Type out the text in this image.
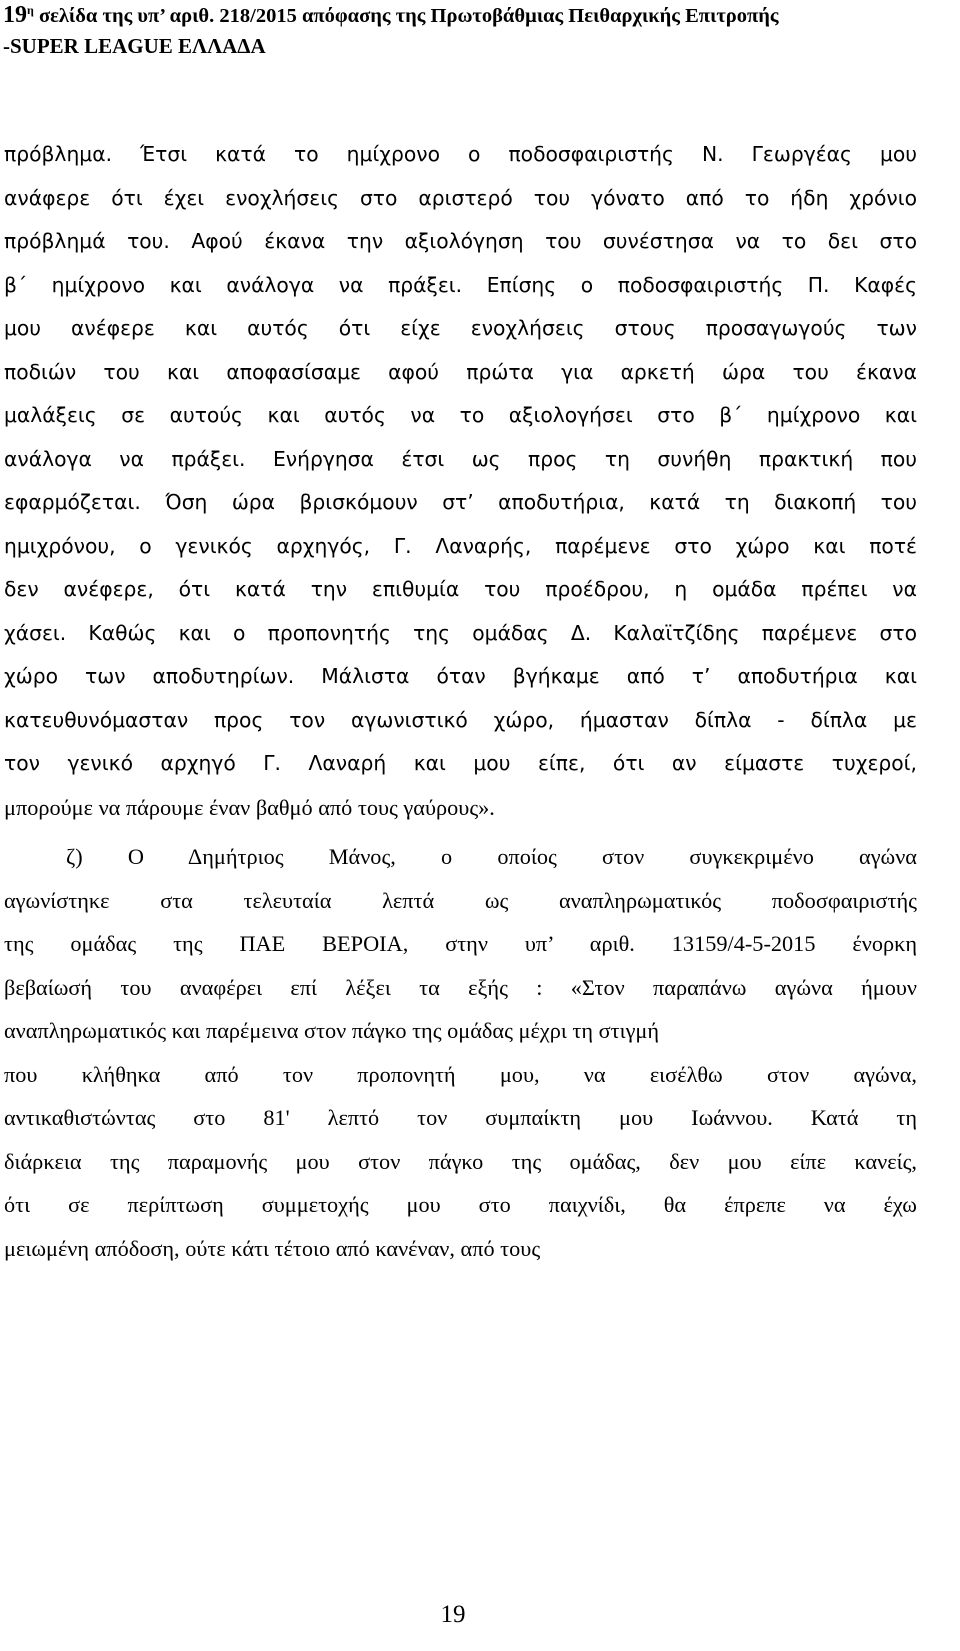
$19^\eta$ σελίδα της υπ’ αριθ. 218/2015 απόφασης της Πρωτοβάθμιας Πειθαρχικής Επιτροπής
-SUPER LEAGUE ΕΛΛΑΔΑ
πρόβλημα. Έτσι κατά το ημίχρονο ο ποδοσφαιριστής Ν. Γεωργέας μου
ανάφερε ότι έχει ενοχλήσεις στο αριστερό του γόνατο από το ήδη χρόνιο
πρόβλημά του. Αφού έκανα την αξιολόγηση του συνέστησα να το δει στο
β΄ ημίχρονο και ανάλογα να πράξει. Επίσης ο ποδοσφαιριστής Π. Καφές
μου ανέφερε και αυτός ότι είχε ενοχλήσεις στους προσαγωγούς των
ποδιών του και αποφασίσαμε αφού πρώτα για αρκετή ώρα του έκανα
μαλάξεις σε αυτούς και αυτός να το αξιολογήσει στο β΄ ημίχρονο και
ανάλογα να πράξει. Ενήργησα έτσι ως προς τη συνήθη πρακτική που
εφαρμόζεται. Όση ώρα βρισκόμουν στ’ αποδυτήρια, κατά τη διακοπή του
ημιχρόνου, ο γενικός αρχηγός, Γ. Λαναρής, παρέμενε στο χώρο και ποτέ
δεν ανέφερε, ότι κατά την επιθυμία του προέδρου, η ομάδα πρέπει να
χάσει. Καθώς και ο προπονητής της ομάδας Δ. Καλαϊτζίδης παρέμενε στο
χώρο των αποδυτηρίων. Μάλιστα όταν βγήκαμε από τ’ αποδυτήρια και
κατευθυνόμασταν προς τον αγωνιστικό χώρο, ήμασταν δίπλα - δίπλα με
τον γενικό αρχηγό Γ. Λαναρή και μου είπε, ότι αν είμαστε τυχεροί,
μπορούμε να πάρουμε έναν βαθμό από τους γαύρους».
ζ) Ο Δημήτριος Μάνος, ο οποίος στον συγκεκριμένο αγώνα
αγωνίστηκε στα τελευταία λεπτά ως αναπληρωματικός ποδοσφαιριστής
της ομάδας της ΠΑΕ ΒΕΡΟΙΑ, στην υπ’ αριθ. 13159/4-5-2015 ένορκη
βεβαίωσή του αναφέρει επί λέξει τα εξής : «Στον παραπάνω αγώνα ήμουν
αναπληρωματικός και παρέμεινα στον πάγκο της ομάδας μέχρι τη στιγμή
που κλήθηκα από τον προπονητή μου, να εισέλθω στον αγώνα,
αντικαθιστώντας στο 81' λεπτό τον συμπαίκτη μου Ιωάννου. Κατά τη
διάρκεια της παραμονής μου στον πάγκο της ομάδας, δεν μου είπε κανείς,
ότι σε περίπτωση συμμετοχής μου στο παιχνίδι, θα έπρεπε να έχω
μειωμένη απόδοση, ούτε κάτι τέτοιο από κανέναν, από τους
19
